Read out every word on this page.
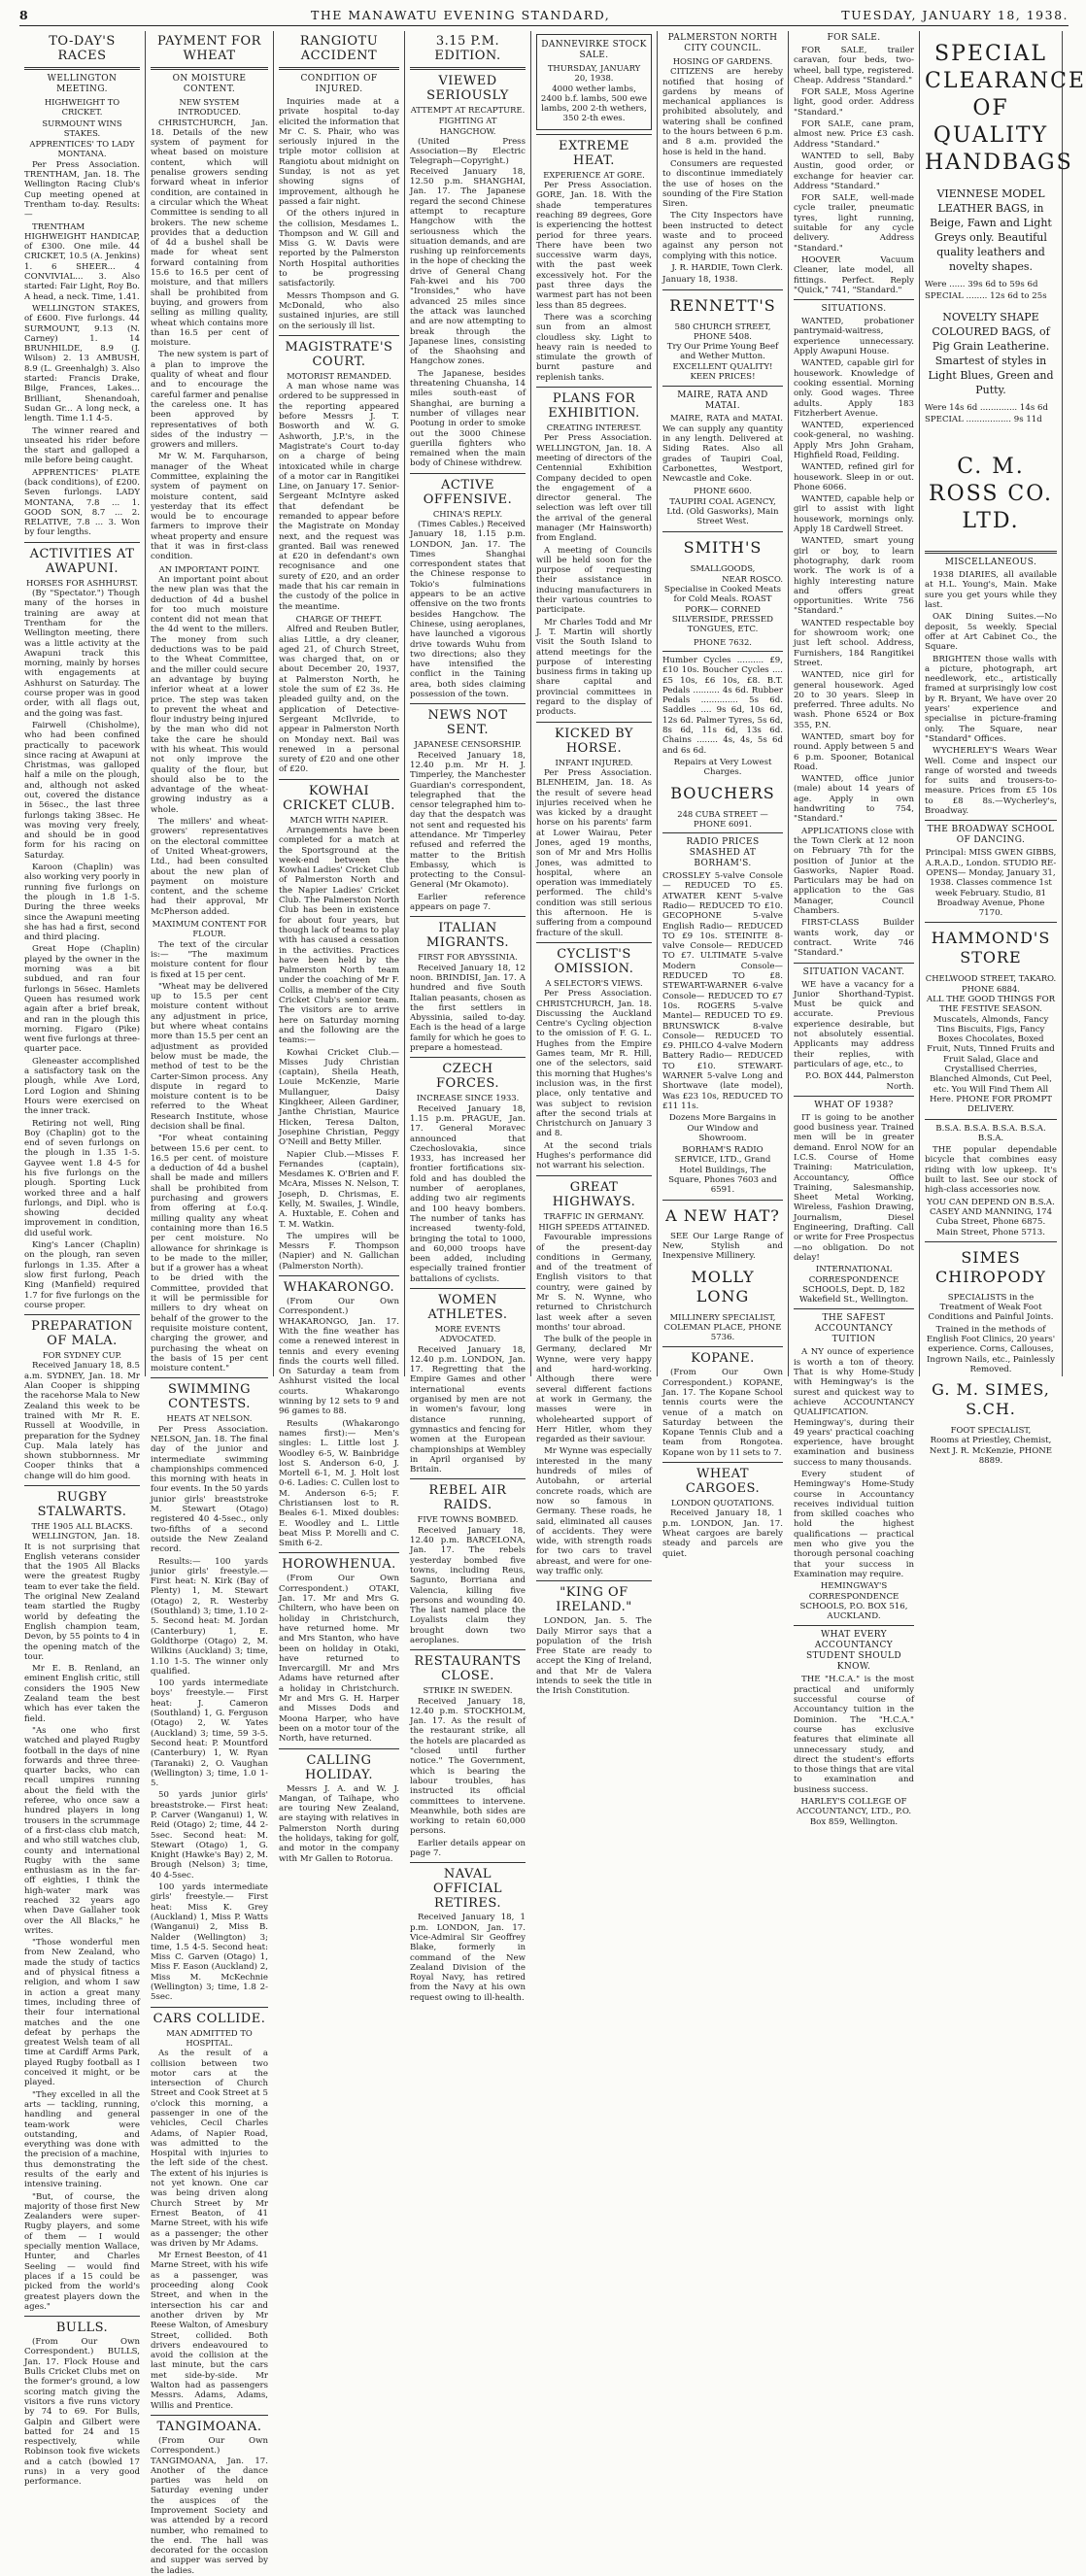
8	THE MANAWATU EVENING STANDARD,	TUESDAY, JANUARY 18, 1938.
TO-DAY'S RACES
WELLINGTON MEETING.
HIGHWEIGHT TO CRICKET.
SURMOUNT WINS STAKES.
APPRENTICES' TO LADY MONTANA.

Per Press Association. TRENTHAM, Jan. 18. The Wellington Racing Club's Cup meeting opened at Trentham to-day. Results:—

TRENTHAM HIGHWEIGHT HANDICAP, of £300. One mile. 44 CRICKET, 10.5 (A. Jenkins) 1. 6 SHEER... 4 CONVIVIAL... 3. Also started: Fair Light, Roy Bo. A head, a neck. Time, 1.41.

WELLINGTON STAKES, of £600. Five furlongs. 44 SURMOUNT, 9.13 (N. Carney) 1. 14 BRUNHILDE, 8.9 (J. Wilson) 2. 13 AMBUSH, 8.9 (L. Greenhalgh) 3. Also started: Francis Drake, Bilge, Frances, Lakes... Brilliant, Shenandoah, Sudan Gr... A long neck, a length. Time 1.1 4-5.

The winner reared and unseated his rider before the start and galloped a mile before being caught.

APPRENTICES' PLATE (back conditions), of £200. Seven furlongs. LADY MONTANA, 7.8 ... 1. GOOD SON, 8.7 ... 2. RELATIVE, 7.8 ... 3. Won by four lengths.

ACTIVITIES AT AWAPUNI.
HORSES FOR ASHHURST.

(By "Spectator.") Though many of the horses in training are away at Trentham for the Wellington meeting, there was a little activity at the Awapuni track this morning, mainly by horses with engagements at Ashhurst on Saturday. The course proper was in good order, with all flags out, and the going was fast.

Fairwell (Chisholme), who had been confined practically to pacework since racing at Awapuni at Christmas, was galloped half a mile on the plough, and, although not asked out, covered the distance in 56sec., the last three furlongs taking 38sec. He was moving very freely, and should be in good form for his racing on Saturday.

Karoon (Chaplin) was also working very poorly in running five furlongs on the plough in 1.8 1-5. During the three weeks since the Awapuni meeting she has had a first, second and third placing.

Great Hope (Chaplin) played by the owner in the morning was a bit subdued, and ran four furlongs in 56sec. Hamlets Queen has resumed work again after a brief break, and ran in the plough this morning. Figaro (Pike) went five furlongs at three-quarter pace.

Gleneaster accomplished a satisfactory task on the plough, while Ave Lord, Lord Logion and Shining Hours were exercised on the inner track.

Retiring not well, Ring Boy (Chaplin) got to the end of seven furlongs on the plough in 1.35 1-5. Gayvee went 1.8 4-5 for his five furlongs on the plough. Sporting Luck worked three and a half furlongs, and Dipl. who is showing decided improvement in condition, did useful work.

King's Lancer (Chaplin) on the plough, ran seven furlongs in 1.35. After a slow first furlong, Peach King (Manfield) required 1.7 for five furlongs on the course proper.

PREPARATION OF MALA.
FOR SYDNEY CUP.

Received January 18, 8.5 a.m. SYDNEY, Jan. 18. Mr Alan Cooper is shipping the racehorse Mala to New Zealand this week to be trained with Mr R. E. Russell at Woodville, in preparation for the Sydney Cup. Mala lately has shown stubbornness. Mr Cooper thinks that a change will do him good.

RUGBY STALWARTS.
THE 1905 ALL BLACKS.

WELLINGTON, Jan. 18. It is not surprising that English veterans consider that the 1905 All Blacks were the greatest Rugby team to ever take the field. The original New Zealand team startled the Rugby world by defeating the English champion team, Devon, by 55 points to 4 in the opening match of the tour.

Mr E. B. Renland, an eminent English critic, still considers the 1905 New Zealand team the best which has ever taken the field.

"As one who first watched and played Rugby football in the days of nine forwards and three three-quarter backs, who can recall umpires running about the field with the referee, who once saw a hundred players in long trousers in the scrummage of a first-class club match, and who still watches club, county and international Rugby with the same enthusiasm as in the far-off eighties, I think the high-water mark was reached 32 years ago when Dave Gallaher took over the All Blacks," he writes.

"Those wonderful men from New Zealand, who made the study of tactics and of physical fitness a religion, and whom I saw in action a great many times, including three of their four international matches and the one defeat by perhaps the greatest Welsh team of all time at Cardiff Arms Park, played Rugby football as I conceived it might, or be played.

"They excelled in all the arts — tackling, running, handling and general team-work were outstanding, and everything was done with the precision of a machine, thus demonstrating the results of the early and intensive training.

"But, of course, the majority of those first New Zealanders were super-Rugby players, and some of them — I would specially mention Wallace, Hunter, and Charles Seeling — would find places if a 15 could be picked from the world's greatest players down the ages."

BULLS.

(From Our Own Correspondent.) BULLS, Jan. 17. Flock House and Bulls Cricket Clubs met on the former's ground, a low scoring match giving the visitors a five runs victory by 74 to 69. For Bulls, Galpin and Gilbert were batted for 24 and 15 respectively, while Robinson took five wickets and a catch (bowled 17 runs) in a very good performance.

PAYMENT FOR WHEAT
ON MOISTURE CONTENT.
NEW SYSTEM INTRODUCED.

CHRISTCHURCH, Jan. 18. Details of the new system of payment for wheat based on moisture content, which will penalise growers sending forward wheat in inferior condition, are contained in a circular which the Wheat Committee is sending to all brokers. The new scheme provides that a deduction of 4d a bushel shall be made for wheat sent forward containing from 15.6 to 16.5 per cent of moisture, and that millers shall be prohibited from buying, and growers from selling as milling quality, wheat which contains more than 16.5 per cent of moisture.

The new system is part of a plan to improve the quality of wheat and flour and to encourage the careful farmer and penalise the careless one. It has been approved by representatives of both sides of the industry — growers and millers.

Mr W. M. Farquharson, manager of the Wheat Committee, explaining the system of payment on moisture content, said yesterday that its effect would be to encourage farmers to improve their wheat property and ensure that it was in first-class condition.

AN IMPORTANT POINT.

An important point about the new plan was that the deduction of 4d a bushel for too much moisture content did not mean that the 4d went to the millers. The money from such deductions was to be paid to the Wheat Committee, and the miller could secure an advantage by buying inferior wheat at a lower price. The step was taken to prevent the wheat and flour industry being injured by the man who did not take the care he should with his wheat. This would not only improve the quality of the flour, but should also be to the advantage of the wheat-growing industry as a whole.

The millers' and wheat-growers' representatives on the electoral committee of United Wheat-growers, Ltd., had been consulted about the new plan of payment on moisture content, and the scheme had their approval, Mr McPherson added.

MAXIMUM CONTENT FOR FLOUR.

The text of the circular is:— "The maximum moisture content for flour is fixed at 15 per cent.

"Wheat may be delivered up to 15.5 per cent moisture content without any adjustment in price, but where wheat contains more than 15.5 per cent an adjustment as provided below must be made, the method of test to be the Carter-Simon process. Any dispute in regard to moisture content is to be referred to the Wheat Research Institute, whose decision shall be final.

"For wheat containing between 15.6 per cent. to 16.5 per cent. of moisture a deduction of 4d a bushel shall be made and millers shall be prohibited from purchasing and growers from offering at f.o.q. milling quality any wheat containing more than 16.5 per cent moisture. No allowance for shrinkage is to be made to the miller, but if a grower has a wheat to be dried with the Committee, provided that it will be permissible for millers to dry wheat on behalf of the grower to the requisite moisture content, charging the grower, and purchasing the wheat on the basis of 15 per cent moisture content."

SWIMMING CONTESTS.
HEATS AT NELSON.

Per Press Association. NELSON, Jan. 18. The final day of the junior and intermediate swimming championships commenced this morning with heats in four events. In the 50 yards junior girls' breaststroke M. Stewart (Otago) registered 40 4-5sec., only two-fifths of a second outside the New Zealand record.

Results:— 100 yards junior girls' freestyle.— First heat: N. Kirk (Bay of Plenty) 1, M. Stewart (Otago) 2, R. Westerby (Southland) 3; time, 1.10 2-5. Second heat: M. Jordan (Canterbury) 1, E. Goldthorpe (Otago) 2, M. Wilkins (Auckland) 3; time, 1.10 1-5. The winner only qualified.

100 yards intermediate boys' freestyle.— First heat: J. Cameron (Southland) 1, G. Ferguson (Otago) 2, W. Yates (Auckland) 3; time, 59 3-5. Second heat: P. Mountford (Canterbury) 1, W. Ryan (Taranaki) 2, O. Vaughan (Wellington) 3; time, 1.0 1-5.

50 yards junior girls' breaststroke.— First heat: P. Carver (Wanganui) 1, W. Reid (Otago) 2; time, 44 2-5sec. Second heat: M. Stewart (Otago) 1, G. Knight (Hawke's Bay) 2, M. Brough (Nelson) 3; time, 40 4-5sec.

100 yards intermediate girls' freestyle.— First heat: Miss K. Grey (Auckland) 1, Miss P. Watts (Wanganui) 2, Miss B. Nalder (Wellington) 3; time, 1.5 4-5. Second heat: Miss C. Garven (Otago) 1, Miss F. Eason (Auckland) 2, Miss M. McKechnie (Wellington) 3; time, 1.8 2-5sec.

CARS COLLIDE.
MAN ADMITTED TO HOSPITAL.

As the result of a collision between two motor cars at the intersection of Church Street and Cook Street at 5 o'clock this morning, a passenger in one of the vehicles, Cecil Charles Adams, of Napier Road, was admitted to the Hospital with injuries to the left side of the chest. The extent of his injuries is not yet known. One car was being driven along Church Street by Mr Ernest Beaton, of 41 Marne Street, with his wife as a passenger; the other was driven by Mr Adams.

Mr Ernest Beeston, of 41 Marne Street, with his wife as a passenger, was proceeding along Cook Street, and when in the intersection his car and another driven by Mr Reese Walton, of Amesbury Street, collided. Both drivers endeavoured to avoid the collision at the last minute, but the cars met side-by-side. Mr Walton had as passengers Messrs. Adams, Adams, Willis and Prentice.

TANGIMOANA.

(From Our Own Correspondent.) TANGIMOANA, Jan. 17. Another of the dance parties was held on Saturday evening under the auspices of the Improvement Society and was attended by a record number, who remained to the end. The hall was decorated for the occasion and supper was served by the ladies.

RANGIOTU ACCIDENT
CONDITION OF INJURED.

Inquiries made at a private hospital to-day elicited the information that Mr C. S. Phair, who was seriously injured in the triple motor collision at Rangiotu about midnight on Sunday, is not as yet showing signs of improvement, although he passed a fair night.

Of the others injured in the collision, Mesdames L. Thompson and W. Gill and Miss G. W. Davis were reported by the Palmerston North Hospital authorities to be progressing satisfactorily.

Messrs Thompson and G. McDonald, who also sustained injuries, are still on the seriously ill list.

MAGISTRATE'S COURT.
MOTORIST REMANDED.

A man whose name was ordered to be suppressed in the reporting appeared before Messrs J. T. Bosworth and W. G. Ashworth, J.P.'s, in the Magistrate's Court to-day on a charge of being intoxicated while in charge of a motor car in Rangitikei Line, on January 17. Senior-Sergeant McIntyre asked that defendant be remanded to appear before the Magistrate on Monday next, and the request was granted. Bail was renewed at £20 in defendant's own recognisance and one surety of £20, and an order made that his car remain in the custody of the police in the meantime.

CHARGE OF THEFT.

Alfred and Reuben Butler, alias Little, a dry cleaner, aged 21, of Church Street, was charged that, on or about December 20, 1937, at Palmerston North, he stole the sum of £2 3s. He pleaded guilty and, on the application of Detective-Sergeant McIlvride, to appear in Palmerston North on Monday next. Bail was renewed in a personal surety of £20 and one other of £20.

KOWHAI CRICKET CLUB.
MATCH WITH NAPIER.

Arrangements have been completed for a match at the Sportsground at the week-end between the Kowhai Ladies' Cricket Club of Palmerston North and the Napier Ladies' Cricket Club. The Palmerston North Club has been in existence for about four years, but though lack of teams to play with has caused a cessation in the activities. Practices have been held by the Palmerston North team under the coaching of Mr F. Collis, a member of the City Cricket Club's senior team. The visitors are to arrive here on Saturday morning and the following are the teams:—

Kowhai Cricket Club.—Misses Judy Christian (captain), Sheila Heath, Louie McKenzie, Marie Mullanguer, Daisy Kingkheer, Aileen Gardiner, Janthe Christian, Maurice Hicken, Teresa Dalton, Josephine Christian, Peggy O'Neill and Betty Miller.

Napier Club.—Misses F. Fernandes (captain), Mesdames K. O'Brien and F. McAra, Misses N. Nelson, T. Joseph, D. Chrismas, E. Kelly, M. Swailes, J. Windle, A. Huxtable, E. Cohen and T. M. Watkin.

The umpires will be Messrs F. Thompson (Napier) and N. Gallichan (Palmerston North).

WHAKARONGO.

(From Our Own Correspondent.) WHAKARONGO, Jan. 17. With the fine weather has come a renewed interest in tennis and every evening finds the courts well filled. On Saturday a team from Ashhurst visited the local courts. Whakarongo winning by 12 sets to 9 and 96 games to 88.

Results (Whakarongo names first):— Men's singles: L. Little lost J. Woodley 6-5, W. Bainbridge lost S. Anderson 6-0, J. Mortell 6-1, M. J. Holt lost 0-6. Ladies: C. Cullen lost to M. Anderson 6-5; F. Christiansen lost to R. Beales 6-1. Mixed doubles: E. Woodley and L. Little beat Miss P. Morelli and C. Smith 6-2.

HOROWHENUA.

(From Our Own Correspondent.) OTAKI, Jan. 17. Mr and Mrs G. Chiltern, who have been on holiday in Christchurch, have returned home. Mr and Mrs Stanton, who have been on holiday in Otaki, have returned to Invercargill. Mr and Mrs Adams have returned after a holiday in Christchurch. Mr and Mrs G. H. Harper and Misses Dods and Moona Harper, who have been on a motor tour of the North, have returned.

CALLING HOLIDAY.

Messrs J. A. and W. J. Mangan, of Taihape, who are touring New Zealand, are staying with relatives in Palmerston North during the holidays, taking for golf, and motor in the company with Mr Gallen to Rotorua.

3.15 P.M. EDITION.
VIEWED SERIOUSLY
ATTEMPT AT RECAPTURE.
FIGHTING AT HANGCHOW.

(United Press Association—By Electric Telegraph—Copyright.) Received January 18, 12.50 p.m. SHANGHAI, Jan. 17. The Japanese regard the second Chinese attempt to recapture Hangchow with the seriousness which the situation demands, and are rushing up reinforcements in the hope of checking the drive of General Chang Fah-kwei and his 700 "Ironsides," who have advanced 25 miles since the attack was launched and are now attempting to break through the Japanese lines, consisting of the Shaohsing and Hangchow zones.

The Japanese, besides threatening Chuansha, 14 miles south-east of Shanghai, are burning a number of villages near Pootung in order to smoke out the 3000 Chinese guerilla fighters who remained when the main body of Chinese withdrew.

ACTIVE OFFENSIVE.
CHINA'S REPLY.

(Times Cables.) Received January 18, 1.15 p.m. LONDON, Jan. 17. The Times Shanghai correspondent states that the Chinese response to Tokio's fulminations appears to be an active offensive on the two fronts besides Hangchow. The Chinese, using aeroplanes, have launched a vigorous drive towards Wuhu from two directions; also they have intensified the conflict in the Taining area, both sides claiming possession of the town.

NEWS NOT SENT.
JAPANESE CENSORSHIP.

Received January 18, 12.40 p.m. Mr H. J. Timperley, the Manchester Guardian's correspondent, telegraphed that the censor telegraphed him to-day that the despatch was not sent and requested his attendance. Mr Timperley refused and referred the matter to the British Embassy, which is protecting to the Consul-General (Mr Okamoto).

Earlier reference appears on page 7.

ITALIAN MIGRANTS.
FIRST FOR ABYSSINIA.

Received January 18, 12 noon. BRINDISI, Jan. 17. A hundred and five South Italian peasants, chosen as the first settlers in Abyssinia, sailed to-day. Each is the head of a large family for which he goes to prepare a homestead.

CZECH FORCES.
INCREASE SINCE 1933.

Received January 18, 1.15 p.m. PRAGUE, Jan. 17. General Moravec announced that Czechoslovakia, since 1933, has increased her frontier fortifications six-fold and has doubled the number of aeroplanes, adding two air regiments and 100 heavy bombers. The number of tanks has increased twenty-fold, bringing the total to 1000, and 60,000 troops have been added, including especially trained frontier battalions of cyclists.

WOMEN ATHLETES.
MORE EVENTS ADVOCATED.

Received January 18, 12.40 p.m. LONDON, Jan. 17. Regretting that the Empire Games and other international events organised by men are not in women's favour, long distance running, gymnastics and fencing for women at the European championships at Wembley in April organised by Britain.

REBEL AIR RAIDS.
FIVE TOWNS BOMBED.

Received January 18, 12.40 p.m. BARCELONA, Jan. 17. The rebels yesterday bombed five towns, including Reus, Sagunto, Borriana and Valencia, killing five persons and wounding 40. The last named place the Loyalists claim they brought down two aeroplanes.

RESTAURANTS CLOSE.
STRIKE IN SWEDEN.

Received January 18, 12.40 p.m. STOCKHOLM, Jan. 17. As the result of the restaurant strike, all the hotels are placarded as "closed until further notice." The Government, which is bearing the labour troubles, has instructed its official committees to intervene. Meanwhile, both sides are working to retain 60,000 persons.

Earlier details appear on page 7.

NAVAL OFFICIAL RETIRES.

Received January 18, 1 p.m. LONDON, Jan. 17. Vice-Admiral Sir Geoffrey Blake, formerly in command of the New Zealand Division of the Royal Navy, has retired from the Navy at his own request owing to ill-health.

DANNEVIRKE STOCK SALE.
THURSDAY, JANUARY 20, 1938.

4000 wether lambs, 2400 b.f. lambs, 500 ewe lambs, 200 2-th wethers, 350 2-th ewes.

EXTREME HEAT.
EXPERIENCE AT GORE.

Per Press Association. GORE, Jan. 18. With the shade temperatures reaching 89 degrees, Gore is experiencing the hottest period for three years. There have been two successive warm days, with the past week excessively hot. For the past three days the warmest part has not been less than 85 degrees.

There was a scorching sun from an almost cloudless sky. Light to heavy rain is needed to stimulate the growth of burnt pasture and replenish tanks.

PLANS FOR EXHIBITION.
CREATING INTEREST.

Per Press Association. WELLINGTON, Jan. 18. A meeting of directors of the Centennial Exhibition Company decided to open the engagement of a director general. The selection was left over till the arrival of the general manager (Mr Hainsworth) from England.

A meeting of Councils will be held soon for the purpose of requesting their assistance in inducing manufacturers in their various countries to participate.

Mr Charles Todd and Mr J. T. Martin will shortly visit the South Island to attend meetings for the purpose of interesting business firms in taking up share capital and provincial committees in regard to the display of products.

KICKED BY HORSE.
INFANT INJURED.

Per Press Association. BLENHEIM, Jan. 18. As the result of severe head injuries received when he was kicked by a draught horse on his parents' farm at Lower Wairau, Peter Jones, aged 19 months, son of Mr and Mrs Hollis Jones, was admitted to hospital, where an operation was immediately performed. The child's condition was still serious this afternoon. He is suffering from a compound fracture of the skull.

CYCLIST'S OMISSION.
A SELECTOR'S VIEWS.

Per Press Association. CHRISTCHURCH, Jan. 18. Discussing the Auckland Centre's Cycling objection to the omission of F. G. L. Hughes from the Empire Games team, Mr R. Hill, one of the selectors, said this morning that Hughes's inclusion was, in the first place, only tentative and was subject to revision after the second trials at Christchurch on January 3 and 8.

At the second trials Hughes's performance did not warrant his selection.

GREAT HIGHWAYS.
TRAFFIC IN GERMANY.
HIGH SPEEDS ATTAINED.

Favourable impressions of the present-day conditions in Germany, and of the treatment of English visitors to that country, were gained by Mr S. N. Wynne, who returned to Christchurch last week after a seven months' tour abroad.

The bulk of the people in Germany, declared Mr Wynne, were very happy and hard-working. Although there were several different factions at work in Germany, the masses were in wholehearted support of Herr Hitler, whom they regarded as their saviour.

Mr Wynne was especially interested in the many hundreds of miles of Autobahn, or arterial concrete roads, which are now so famous in Germany. These roads, he said, eliminated all causes of accidents. They were wide, with strength roads for two cars to travel abreast, and were for one-way traffic only.

"KING OF IRELAND."

LONDON, Jan. 5. The Daily Mirror says that a population of the Irish Free State are ready to accept the King of Ireland, and that Mr de Valera intends to seek the title in the Irish Constitution.

PALMERSTON NORTH CITY COUNCIL.
HOSING OF GARDENS.

CITIZENS are hereby notified that hosing of gardens by means of mechanical appliances is prohibited absolutely, and watering shall be confined to the hours between 6 p.m. and 8 a.m. provided the hose is held in the hand.

Consumers are requested to discontinue immediately the use of hoses on the sounding of the Fire Station Siren.

The City Inspectors have been instructed to detect waste and to proceed against any person not complying with this notice.

J. R. HARDIE, Town Clerk.

January 18, 1938.

RENNETT'S
580 CHURCH STREET, PHONE 5408.

Try Our Prime Young Beef and Wether Mutton. EXCELLENT QUALITY! KEEN PRICES!

MAIRE, RATA AND MATAI.

MAIRE, RATA and MATAI. We can supply any quantity in any length. Delivered at Siding Rates. Also all grades of Taupiri Coal, Carbonettes, Westport, Newcastle and Coke.

PHONE 6600.

TAUPIRI COAL AGENCY, Ltd. (Old Gasworks), Main Street West.

SMITH'S
SMALLGOODS,
NEAR ROSCO.

Specialise in Cooked Meats for Cold Meals. ROAST PORK— CORNED SILVERSIDE, PRESSED TONGUES, ETC.

PHONE 7632.

Humber Cycles .......... £9, £10 10s. Boucher Cycles .... £5 10s, £6 10s, £8. B.T. Pedals .......... 4s 6d. Rubber Pedals .............. 5s 6d. Saddles .... 9s 6d, 10s 6d, 12s 6d. Palmer Tyres, 5s 6d, 8s 6d, 11s 6d, 13s 6d. Chains ........ 4s, 4s, 5s 6d and 6s 6d.

Repairs at Very Lowest Charges.

BOUCHERS
248 CUBA STREET — PHONE 6091.
RADIO PRICES SMASHED AT BORHAM'S.

CROSSLEY 5-valve Console— REDUCED TO £5. ATWATER KENT 5-valve Radio— REDUCED TO £10. GECOPHONE 5-valve English Radio— REDUCED TO £9 10s. STEINITE 8-valve Console— REDUCED TO £7. ULTIMATE 5-valve Modern Console— REDUCED TO £8. STEWART-WARNER 6-valve Console— REDUCED TO £7 10s. ROGERS 5-valve Mantel— REDUCED TO £9. BRUNSWICK 8-valve Console— REDUCED TO £9. PHILCO 4-valve Modern Battery Radio— REDUCED TO £10. STEWART-WARNER 5-valve Long and Shortwave (late model), Was £23 10s, REDUCED TO £11 11s.

Dozens More Bargains in Our Window and Showroom.

BORHAM'S RADIO SERVICE, LTD., Grand Hotel Buildings, The Square, Phones 7603 and 6591.

A NEW HAT?

SEE Our Large Range of New, Stylish and Inexpensive Millinery.

MOLLY LONG
MILLINERY SPECIALIST,

COLEMAN PLACE, PHONE 5736.

KOPANE.

(From Our Own Correspondent.) KOPANE, Jan. 17. The Kopane School tennis courts were the venue of a match on Saturday between the Kopane Tennis Club and a team from Rongotea. Kopane won by 11 sets to 7.

WHEAT CARGOES.
LONDON QUOTATIONS.

Received January 18, 1 p.m. LONDON, Jan. 17. Wheat cargoes are barely steady and parcels are quiet.

FOR SALE.

FOR SALE, trailer caravan, four beds, two-wheel, ball type, registered. Cheap. Address "Standard."

FOR SALE, Moss Agerine light, good order. Address "Standard."

FOR SALE, cane pram, almost new. Price £3 cash. Address "Standard."

WANTED to sell, Baby Austin, good order, or exchange for heavier car. Address "Standard."

FOR SALE, well-made cycle trailer, pneumatic tyres, light running, suitable for any cycle delivery. Address "Standard."

HOOVER Vacuum Cleaner, late model, all fittings. Perfect. Reply "Quick," 741, "Standard."

SITUATIONS.

WANTED, probationer pantrymaid-waitress, experience unnecessary. Apply Awapuni House.

WANTED, capable girl for housework. Knowledge of cooking essential. Morning only. Good wages. Three adults. Apply 183 Fitzherbert Avenue.

WANTED, experienced cook-general, no washing. Apply Mrs John Graham, Highfield Road, Feilding.

WANTED, refined girl for housework. Sleep in or out. Phone 6066.

WANTED, capable help or girl to assist with light housework, mornings only. Apply 18 Cardwell Street.

WANTED, smart young girl or boy, to learn photography, dark room work. The work is of a highly interesting nature and offers great opportunities. Write 756 "Standard."

WANTED respectable boy for showroom work; one just left school. Address, Furnishers, 184 Rangitikei Street.

WANTED, nice girl for general housework. Aged 20 to 30 years. Sleep in preferred. Three adults. No wash. Phone 6524 or Box 355, P.N.

WANTED, smart boy for round. Apply between 5 and 6 p.m. Spooner, Botanical Road.

WANTED, office junior (male) about 14 years of age. Apply in own handwriting to 754, "Standard."

APPLICATIONS close with the Town Clerk at 12 noon on February 7th for the position of Junior at the Gasworks, Napier Road. Particulars may be had on application to the Gas Manager, Council Chambers.

FIRST-CLASS Builder wants work, day or contract. Write 746 "Standard."

SITUATION VACANT.

WE have a vacancy for a Junior Shorthand-Typist. Must be quick and accurate. Previous experience desirable, but not absolutely essential. Applicants may address their replies, with particulars of age, etc., to

P.O. BOX 444, Palmerston North.

WHAT OF 1938?

IT is going to be another good business year. Trained men will be in greater demand. Enrol NOW for an I.C.S. Course of Home Training: Matriculation, Accountancy, Office Training, Salesmanship, Sheet Metal Working, Wireless, Fashion Drawing, Journalism, Diesel Engineering, Drafting. Call or write for Free Prospectus—no obligation. Do not delay!

INTERNATIONAL CORRESPONDENCE SCHOOLS, Dept. D, 182 Wakefield St., Wellington.

THE SAFEST ACCOUNTANCY TUITION

A NY ounce of experience is worth a ton of theory. That is why Home-Study with Hemingway's is the surest and quickest way to achieve ACCOUNTANCY QUALIFICATION. Hemingway's, during their 49 years' practical coaching experience, have brought examination and business success to many thousands.

Every student of Hemingway's Home-Study course in Accountancy receives individual tuition from skilled coaches who hold the highest qualifications — practical men who give you the thorough personal coaching that your success in Examination may require.

HEMINGWAY'S CORRESPONDENCE SCHOOLS, P.O. BOX 516, AUCKLAND.

WHAT EVERY ACCOUNTANCY STUDENT SHOULD KNOW.

THE "H.C.A." is the most practical and uniformly successful course of Accountancy tuition in the Dominion. The "H.C.A." course has exclusive features that eliminate all unnecessary study, and direct the student's efforts to those things that are vital to examination and business success.

HARLEY'S COLLEGE OF ACCOUNTANCY, LTD., P.O. Box 859, Wellington.

SPECIAL CLEARANCE OF QUALITY HANDBAGS

VIENNESE MODEL LEATHER BAGS, in Beige, Fawn and Light Greys only. Beautiful quality leathers and novelty shapes.

Were ...... 39s 6d to 59s 6d

SPECIAL ........ 12s 6d to 25s

NOVELTY SHAPE COLOURED BAGS, of Pig Grain Leatherine. Smartest of styles in Light Blues, Green and Putty.

Were 14s 6d .............. 14s 6d

SPECIAL ................. 9s 11d

C. M. ROSS CO. LTD.
MISCELLANEOUS.

1938 DIARIES, all available at H.L. Young's, Main. Make sure you get yours while they last.

OAK Dining Suites.—No deposit, 5s weekly. Special offer at Art Cabinet Co., the Square.

BRIGHTEN those walls with a picture, photograph, art needlework, etc., artistically framed at surprisingly low cost by R. Bryant, We have over 20 years' experience and specialise in picture-framing only. The Square, near "Standard" Offices.

WYCHERLEY'S Wears Wear Well. Come and inspect our range of worsted and tweeds for suits and trousers-to-measure. Prices from £5 10s to £8 8s.—Wycherley's, Broadway.

THE BROADWAY SCHOOL OF DANCING.

Principal: MISS GWEN GIBBS, A.R.A.D., London. STUDIO RE-OPENS— Monday, January 31, 1938. Classes commence 1st week February. Studio, 81 Broadway Avenue, Phone 7170.

HAMMOND'S STORE
CHELWOOD STREET, TAKARO. PHONE 6884.

ALL THE GOOD THINGS FOR THE FESTIVE SEASON. Muscatels, Almonds, Fancy Tins Biscuits, Figs, Fancy Boxes Chocolates, Boxed Fruit, Nuts, Tinned Fruits and Fruit Salad, Glace and Crystallised Cherries, Blanched Almonds, Cut Peel, etc. You Will Find Them All Here. PHONE FOR PROMPT DELIVERY.

B.S.A. B.S.A. B.S.A. B.S.A. B.S.A.

THE popular dependable bicycle that combines easy riding with low upkeep. It's built to last. See our stock of high-class accessories now.

YOU CAN DEPEND ON B.S.A. CASEY AND MANNING, 174 Cuba Street, Phone 6875. Main Street, Phone 5713.

SIMES CHIROPODY

SPECIALISTS in the Treatment of Weak Foot Conditions and Painful Joints.

Trained in the methods of English Foot Clinics, 20 years' experience. Corns, Callouses, Ingrown Nails, etc., Painlessly Removed.

G. M. SIMES, S.CH.
FOOT SPECIALIST,

Rooms at Priestley, Chemist, Next J. R. McKenzie, PHONE 8889.
